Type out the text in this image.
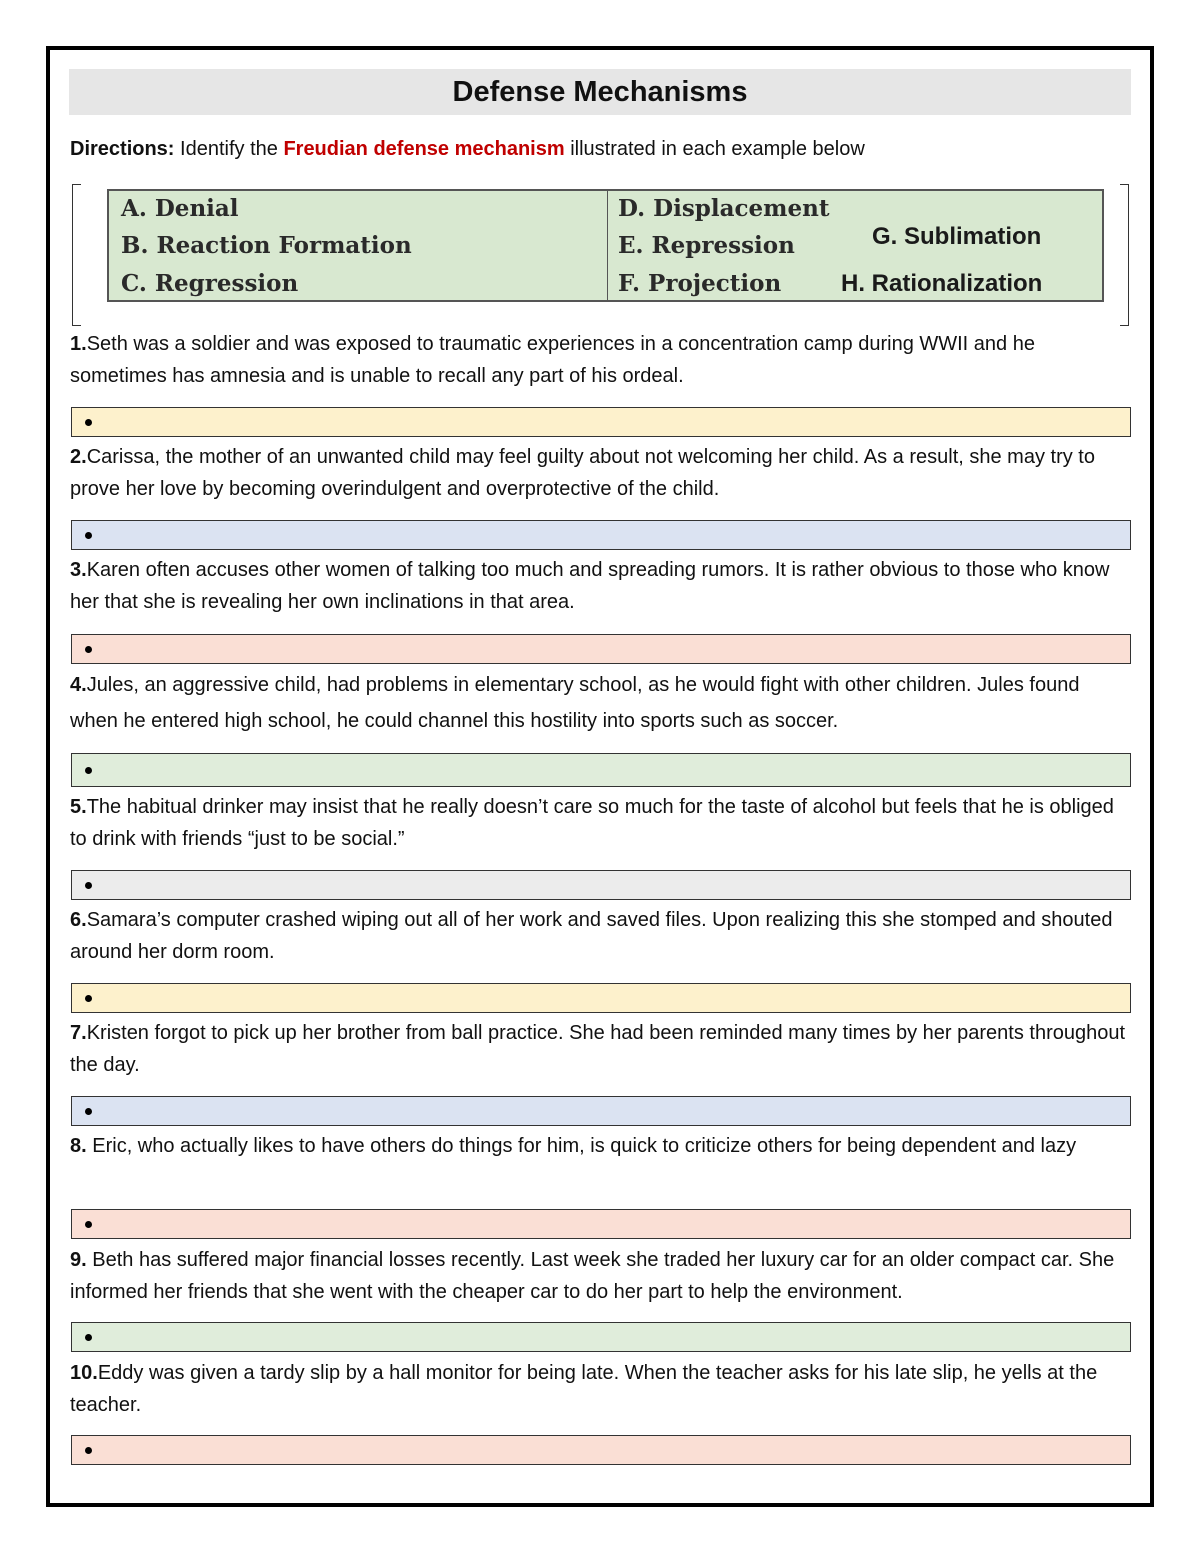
Defense Mechanisms
Directions: Identify the Freudian defense mechanism illustrated in each example below
A. Denial
B. Reaction Formation
C. Regression
D. Displacement
E. Repression
F. Projection
G. Sublimation
H. Rationalization
1.Seth was a soldier and was exposed to traumatic experiences in a concentration camp during WWII and he sometimes has amnesia and is unable to recall any part of his ordeal.
2.Carissa, the mother of an unwanted child may feel guilty about not welcoming her child. As a result, she may try to prove her love by becoming overindulgent and overprotective of the child.
3.Karen often accuses other women of talking too much and spreading rumors. It is rather obvious to those who know her that she is revealing her own inclinations in that area.
4.Jules, an aggressive child, had problems in elementary school, as he would fight with other children. Jules found when he entered high school, he could channel this hostility into sports such as soccer.
5.The habitual drinker may insist that he really doesn’t care so much for the taste of alcohol but feels that he is obliged to drink with friends “just to be social.”
6.Samara’s computer crashed wiping out all of her work and saved files. Upon realizing this she stomped and shouted around her dorm room.
7.Kristen forgot to pick up her brother from ball practice. She had been reminded many times by her parents throughout the day.
8. Eric, who actually likes to have others do things for him, is quick to criticize others for being dependent and lazy
9. Beth has suffered major financial losses recently. Last week she traded her luxury car for an older compact car. She informed her friends that she went with the cheaper car to do her part to help the environment.
10.Eddy was given a tardy slip by a hall monitor for being late. When the teacher asks for his late slip, he yells at the teacher.
